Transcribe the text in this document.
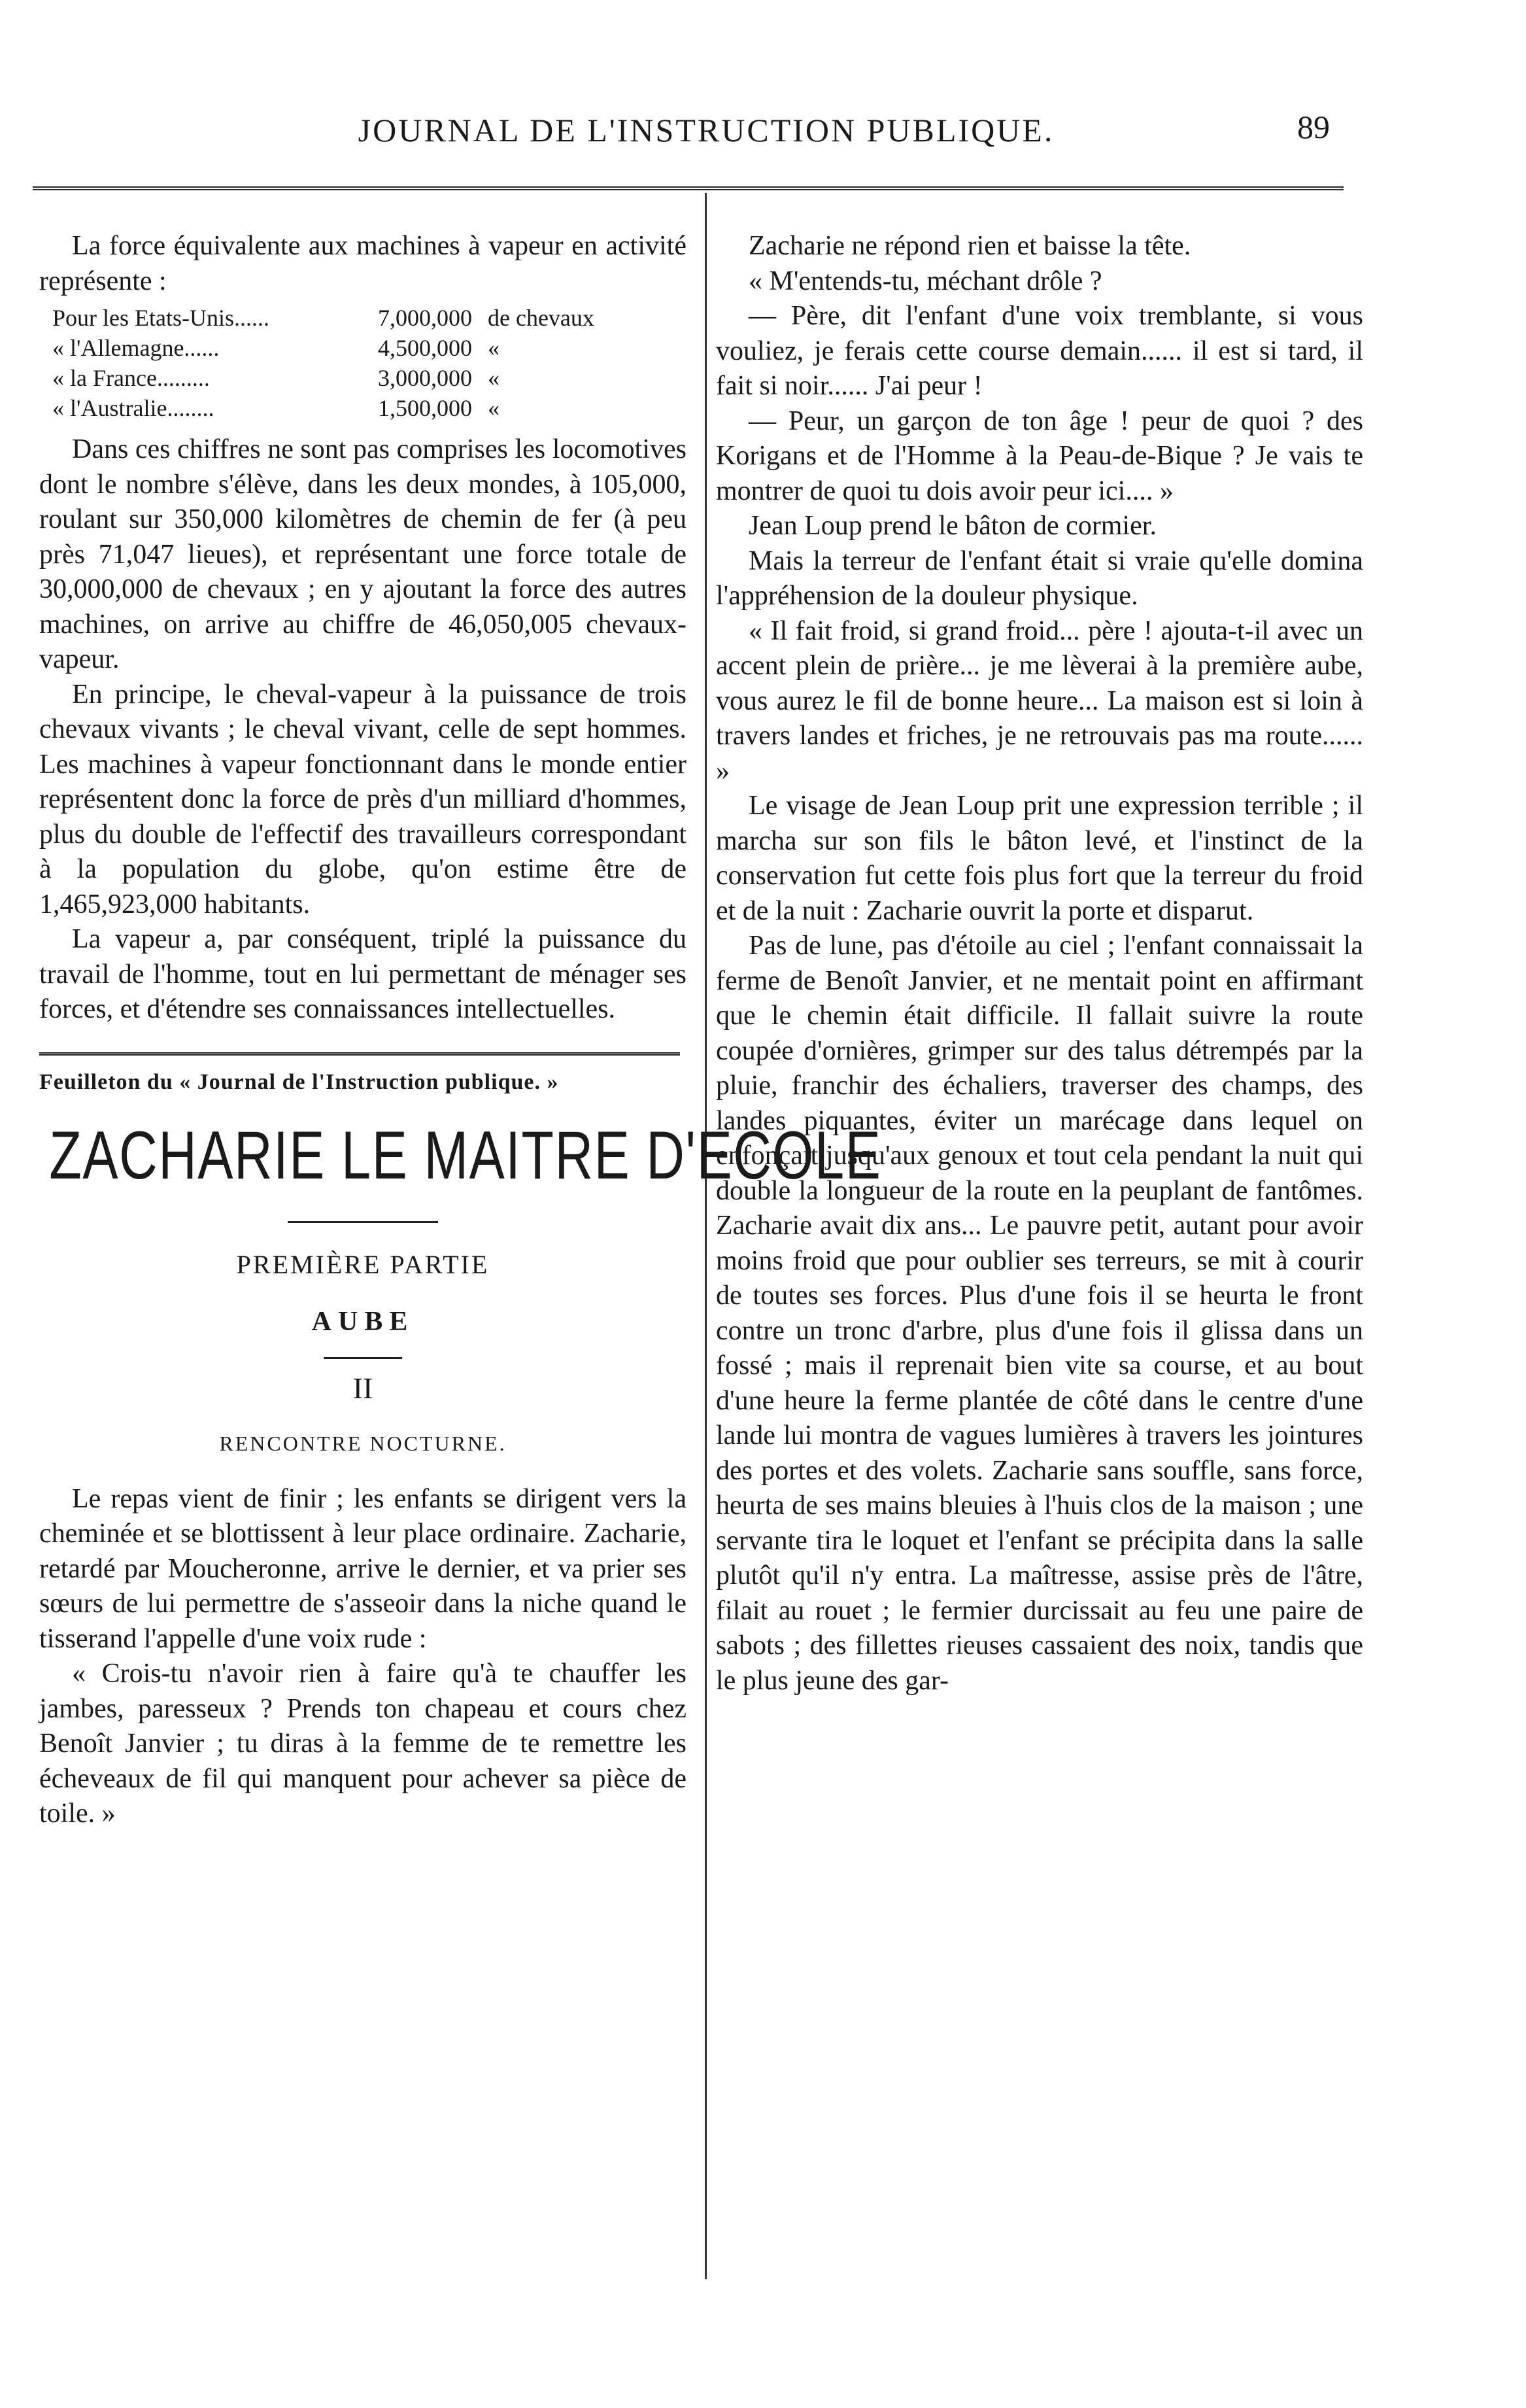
JOURNAL DE L'INSTRUCTION PUBLIQUE.	89

La force équivalente aux machines à vapeur en activité représente :

Pour les Etats-Unis......	7,000,000	de chevaux
« l'Allemagne......	4,500,000	«
« la France.........	3,000,000	«
« l'Australie........	1,500,000	«

Dans ces chiffres ne sont pas comprises les locomotives dont le nombre s'élève, dans les deux mondes, à 105,000, roulant sur 350,000 kilomètres de chemin de fer (à peu près 71,047 lieues), et représentant une force totale de 30,000,000 de chevaux ; en y ajoutant la force des autres machines, on arrive au chiffre de 46,050,005 chevaux-vapeur.

En principe, le cheval-vapeur à la puissance de trois chevaux vivants ; le cheval vivant, celle de sept hommes. Les machines à vapeur fonctionnant dans le monde entier représentent donc la force de près d'un milliard d'hommes, plus du double de l'effectif des travailleurs correspondant à la population du globe, qu'on estime être de 1,465,923,000 habitants.

La vapeur a, par conséquent, triplé la puissance du travail de l'homme, tout en lui permettant de ménager ses forces, et d'étendre ses connaissances intellectuelles.

Feuilleton du « Journal de l'Instruction publique. »
ZACHARIE LE MAITRE D'ECOLE
PREMIÈRE PARTIE
AUBE
II
RENCONTRE NOCTURNE.

Le repas vient de finir ; les enfants se dirigent vers la cheminée et se blottissent à leur place ordinaire. Zacharie, retardé par Moucheronne, arrive le dernier, et va prier ses sœurs de lui permettre de s'asseoir dans la niche quand le tisserand l'appelle d'une voix rude :

« Crois-tu n'avoir rien à faire qu'à te chauffer les jambes, paresseux ? Prends ton chapeau et cours chez Benoît Janvier ; tu diras à la femme de te remettre les écheveaux de fil qui manquent pour achever sa pièce de toile. »

Zacharie ne répond rien et baisse la tête.

« M'entends-tu, méchant drôle ?

— Père, dit l'enfant d'une voix tremblante, si vous vouliez, je ferais cette course demain...... il est si tard, il fait si noir...... J'ai peur !

— Peur, un garçon de ton âge ! peur de quoi ? des Korigans et de l'Homme à la Peau-de-Bique ? Je vais te montrer de quoi tu dois avoir peur ici.... »

Jean Loup prend le bâton de cormier.

Mais la terreur de l'enfant était si vraie qu'elle domina l'appréhension de la douleur physique.

« Il fait froid, si grand froid... père ! ajouta-t-il avec un accent plein de prière... je me lèverai à la première aube, vous aurez le fil de bonne heure... La maison est si loin à travers landes et friches, je ne retrouvais pas ma route...... »

Le visage de Jean Loup prit une expression terrible ; il marcha sur son fils le bâton levé, et l'instinct de la conservation fut cette fois plus fort que la terreur du froid et de la nuit : Zacharie ouvrit la porte et disparut.

Pas de lune, pas d'étoile au ciel ; l'enfant connaissait la ferme de Benoît Janvier, et ne mentait point en affirmant que le chemin était difficile. Il fallait suivre la route coupée d'ornières, grimper sur des talus détrempés par la pluie, franchir des échaliers, traverser des champs, des landes piquantes, éviter un marécage dans lequel on enfonçait jusqu'aux genoux et tout cela pendant la nuit qui double la longueur de la route en la peuplant de fantômes. Zacharie avait dix ans... Le pauvre petit, autant pour avoir moins froid que pour oublier ses terreurs, se mit à courir de toutes ses forces. Plus d'une fois il se heurta le front contre un tronc d'arbre, plus d'une fois il glissa dans un fossé ; mais il reprenait bien vite sa course, et au bout d'une heure la ferme plantée de côté dans le centre d'une lande lui montra de vagues lumières à travers les jointures des portes et des volets. Zacharie sans souffle, sans force, heurta de ses mains bleuies à l'huis clos de la maison ; une servante tira le loquet et l'enfant se précipita dans la salle plutôt qu'il n'y entra. La maîtresse, assise près de l'âtre, filait au rouet ; le fermier durcissait au feu une paire de sabots ; des fillettes rieuses cassaient des noix, tandis que le plus jeune des gar-
